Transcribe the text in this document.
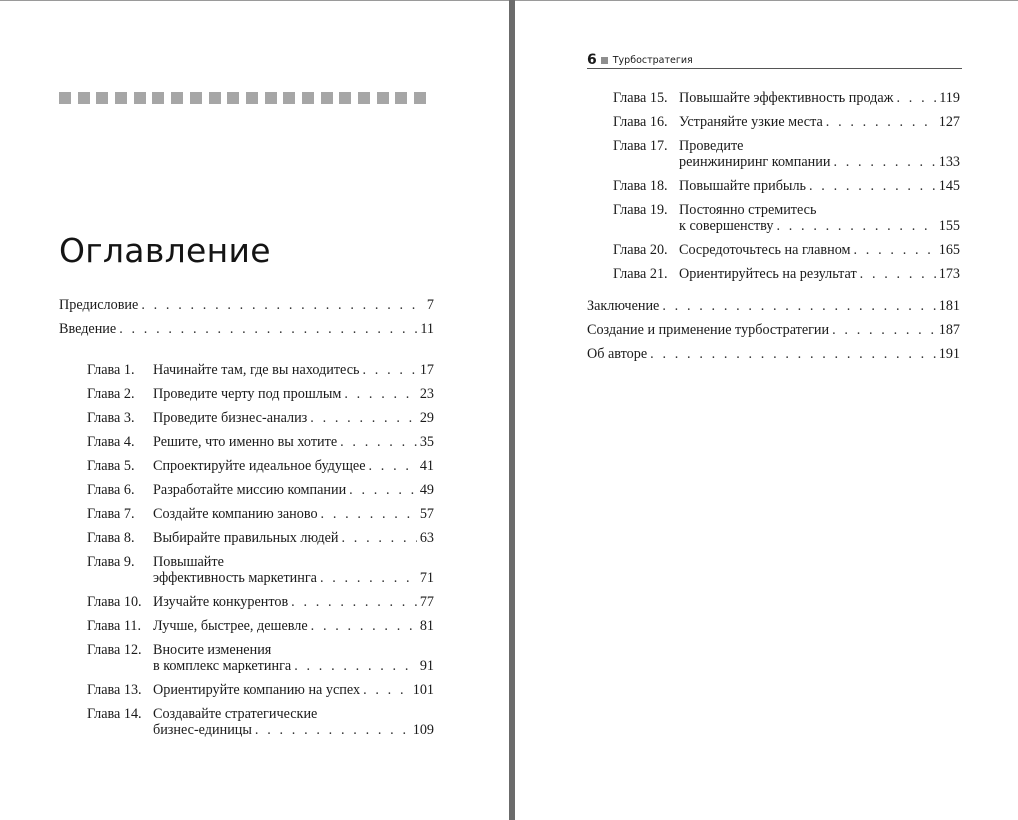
Оглавление
Предисловие . . .	7
Введение . . .	11
Глава 1. Начинайте там, где вы находитесь . . .	17
Глава 2. Проведите черту под прошлым . . .	23
Глава 3. Проведите бизнес-анализ . . .	29
Глава 4. Решите, что именно вы хотите . . .	35
Глава 5. Спроектируйте идеальное будущее . . .	41
Глава 6. Разработайте миссию компании . . .	49
Глава 7. Создайте компанию заново . . .	57
Глава 8. Выбирайте правильных людей . . .	63
Глава 9. Повышайте
эффективность маркетинга . . .	71
Глава 10. Изучайте конкурентов . . .	77
Глава 11. Лучше, быстрее, дешевле . . .	81
Глава 12. Вносите изменения
в комплекс маркетинга . . .	91
Глава 13. Ориентируйте компанию на успех . . .	101
Глава 14. Создавайте стратегические
бизнес-единицы . . .	109
6 Турбостратегия
Глава 15. Повышайте эффективность продаж . . .	119
Глава 16. Устраняйте узкие места . . .	127
Глава 17. Проведите
реинжиниринг компании . . .	133
Глава 18. Повышайте прибыль . . .	145
Глава 19. Постоянно стремитесь
к совершенству . . .	155
Глава 20. Сосредоточьтесь на главном . . .	165
Глава 21. Ориентируйтесь на результат . . .	173
Заключение . . .	181
Создание и применение турбостратегии . . .	187
Об авторе . . .	191
